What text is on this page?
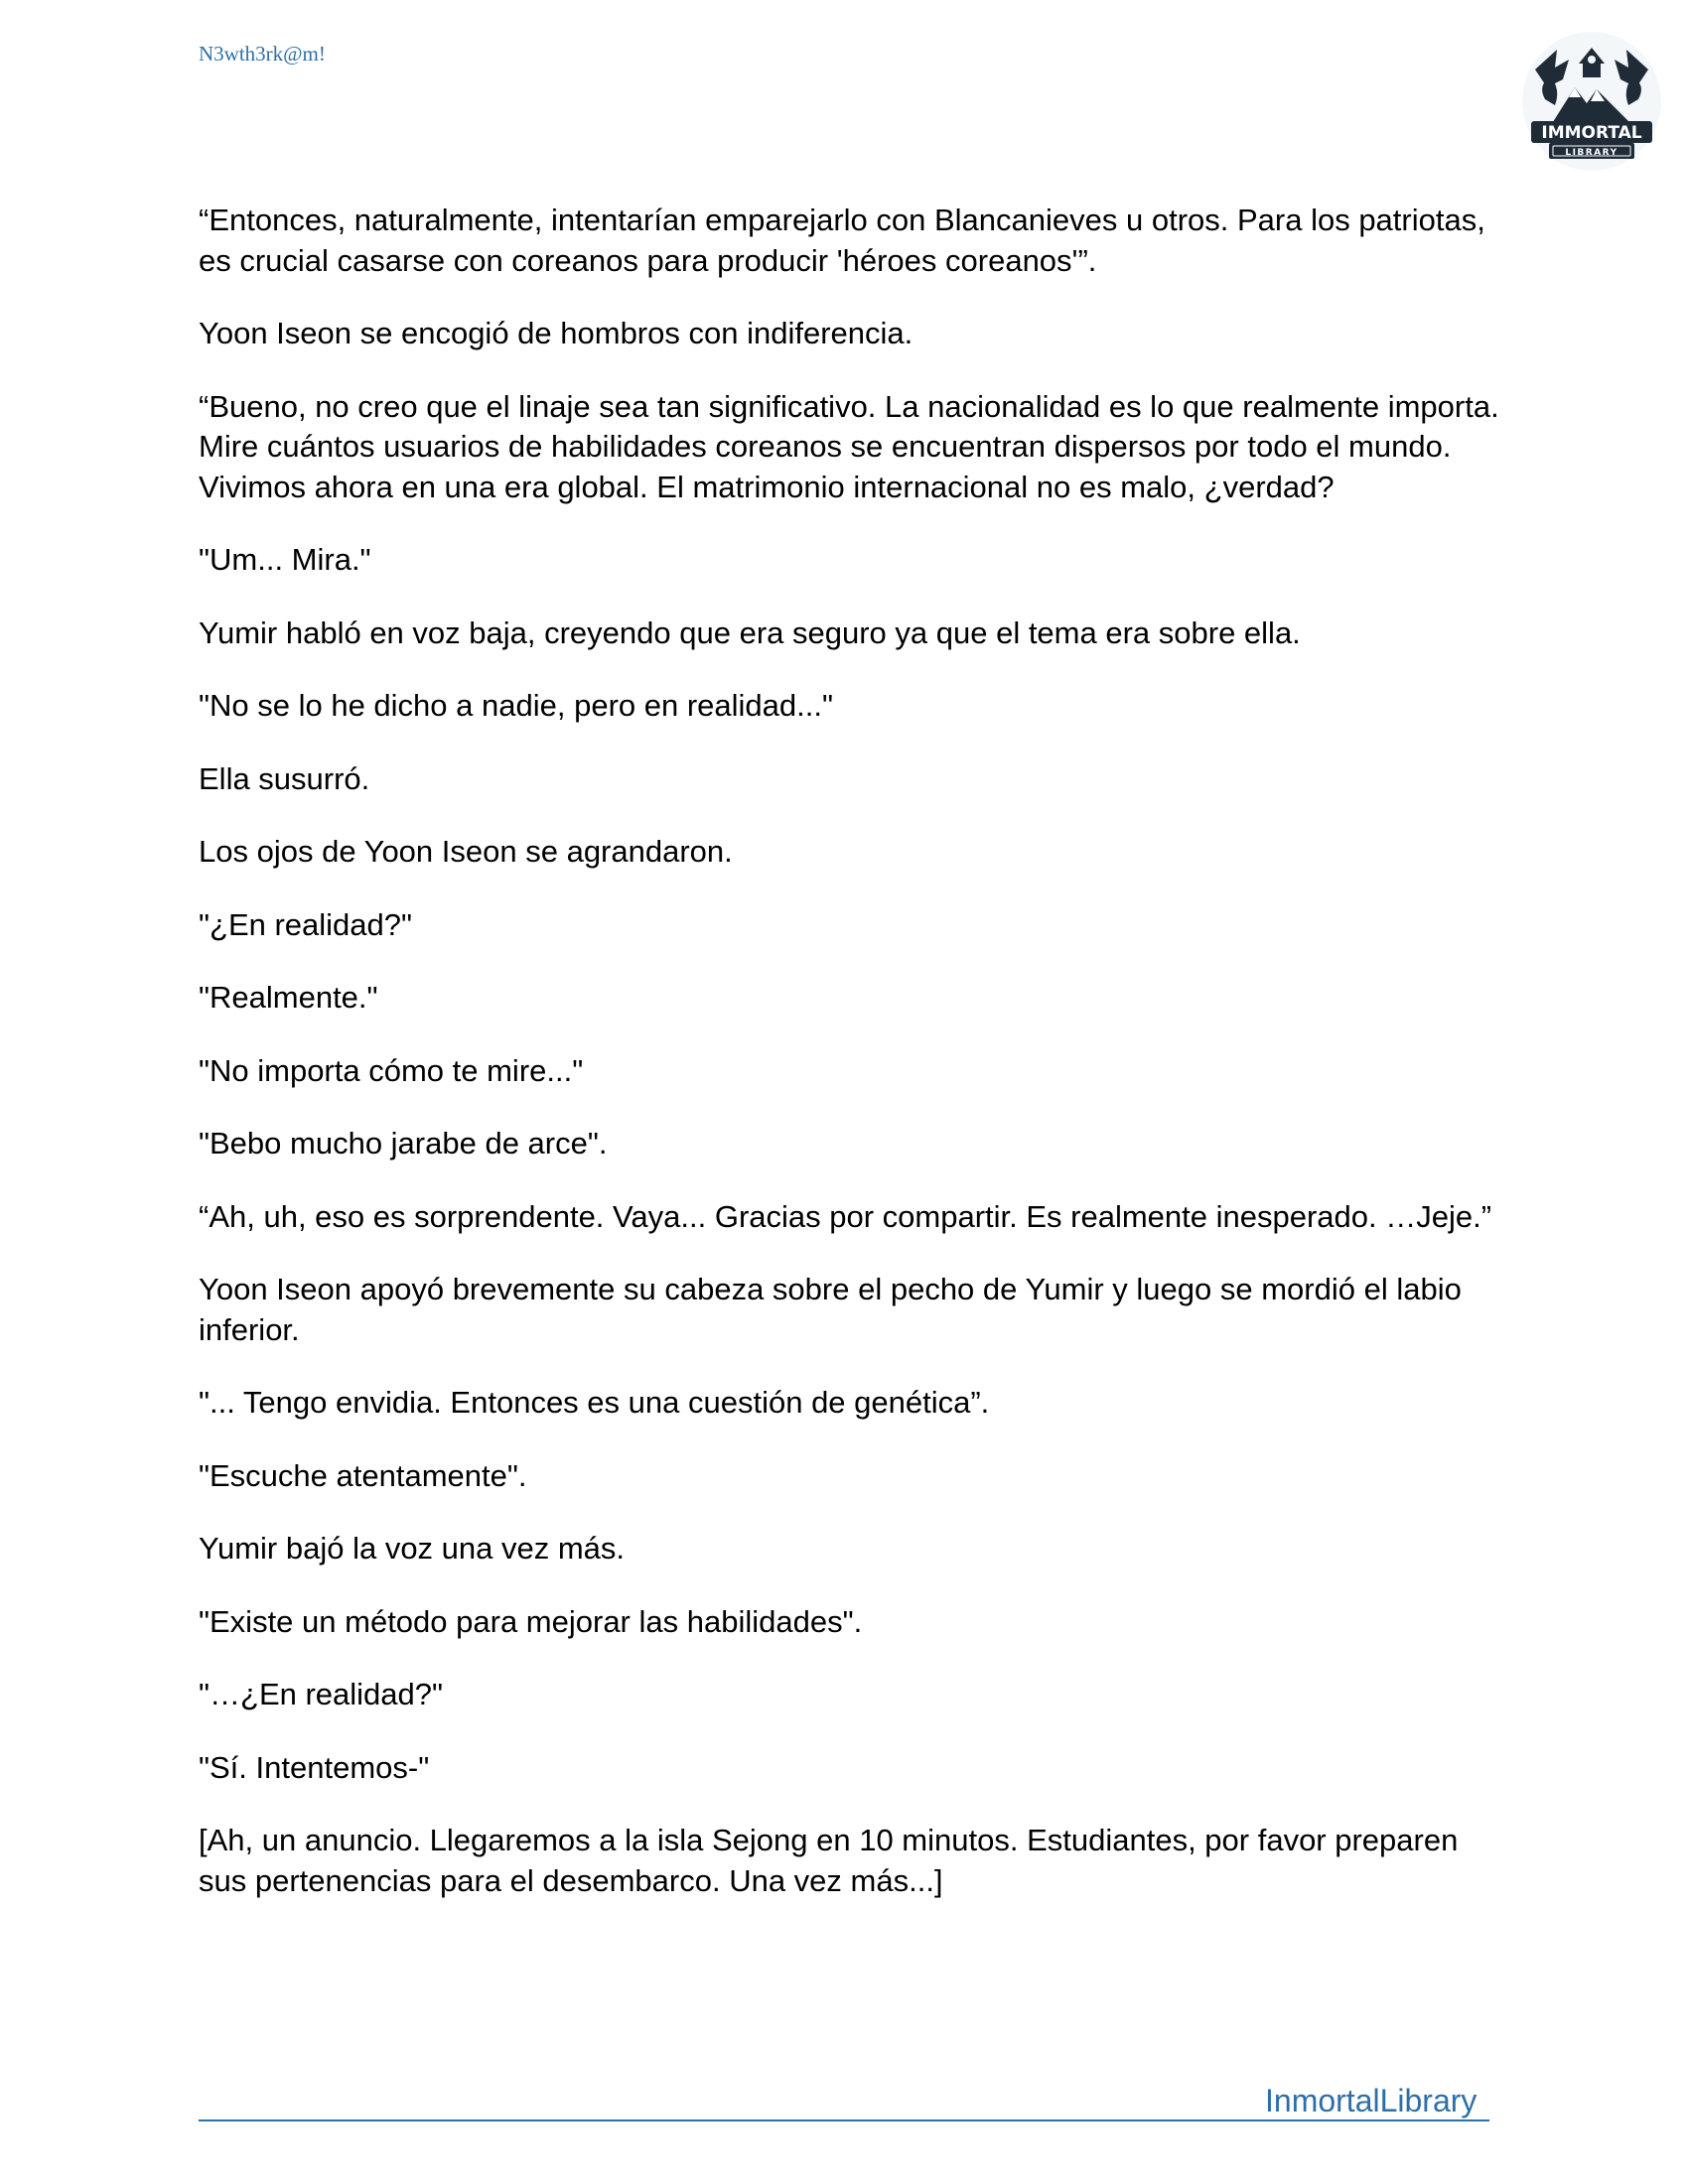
N3wth3rk@m!
IMMORTAL
LIBRARY

“Entonces, naturalmente, intentarían emparejarlo con Blancanieves u otros. Para los patriotas, es crucial casarse con coreanos para producir 'héroes coreanos'”.

Yoon Iseon se encogió de hombros con indiferencia.

“Bueno, no creo que el linaje sea tan significativo. La nacionalidad es lo que realmente importa. Mire cuántos usuarios de habilidades coreanos se encuentran dispersos por todo el mundo. Vivimos ahora en una era global. El matrimonio internacional no es malo, ¿verdad?

"Um... Mira."

Yumir habló en voz baja, creyendo que era seguro ya que el tema era sobre ella.

"No se lo he dicho a nadie, pero en realidad..."

Ella susurró.

Los ojos de Yoon Iseon se agrandaron.

"¿En realidad?"

"Realmente."

"No importa cómo te mire..."

"Bebo mucho jarabe de arce".

“Ah, uh, eso es sorprendente. Vaya... Gracias por compartir. Es realmente inesperado. …Jeje.”

Yoon Iseon apoyó brevemente su cabeza sobre el pecho de Yumir y luego se mordió el labio inferior.

"... Tengo envidia. Entonces es una cuestión de genética”.

"Escuche atentamente".

Yumir bajó la voz una vez más.

"Existe un método para mejorar las habilidades".

"…¿En realidad?"

"Sí. Intentemos-"

[Ah, un anuncio. Llegaremos a la isla Sejong en 10 minutos. Estudiantes, por favor preparen sus pertenencias para el desembarco. Una vez más...]

InmortalLibrary
